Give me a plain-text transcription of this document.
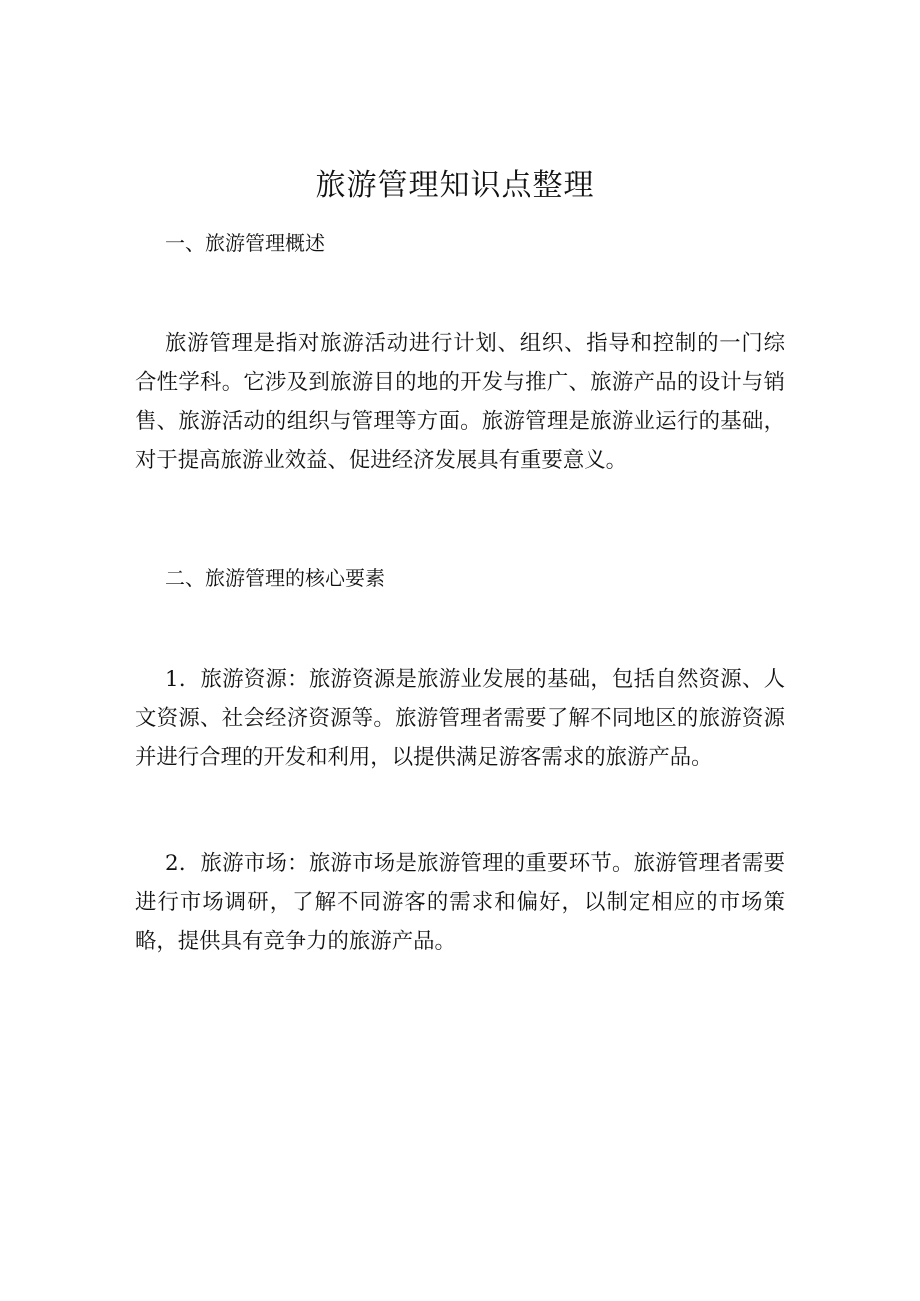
旅游管理知识点整理
一、旅游管理概述

旅游管理是指对旅游活动进行计划、组织、指导和控制的一门综合性学科。它涉及到旅游目的地的开发与推广、旅游产品的设计与销售、旅游活动的组织与管理等方面。旅游管理是旅游业运行的基础，对于提高旅游业效益、促进经济发展具有重要意义。

二、旅游管理的核心要素

1．旅游资源：旅游资源是旅游业发展的基础，包括自然资源、人文资源、社会经济资源等。旅游管理者需要了解不同地区的旅游资源并进行合理的开发和利用，以提供满足游客需求的旅游产品。

2．旅游市场：旅游市场是旅游管理的重要环节。旅游管理者需要进行市场调研，了解不同游客的需求和偏好，以制定相应的市场策略，提供具有竞争力的旅游产品。
